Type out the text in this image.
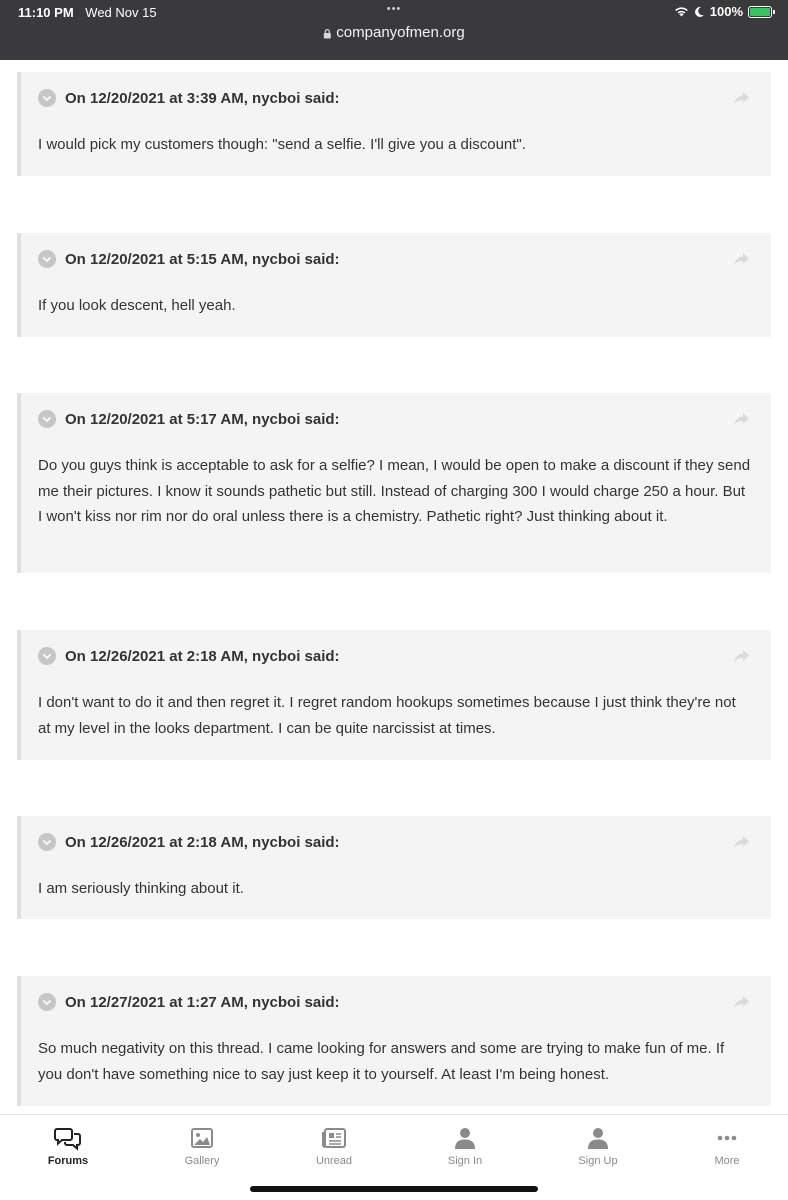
11:10 PM Wed Nov 15	•••
companyofmen.org
100%
On 12/20/2021 at 3:39 AM, nycboi said:
I would pick my customers though: "send a selfie. I'll give you a discount".
On 12/20/2021 at 5:15 AM, nycboi said:
If you look descent, hell yeah.
On 12/20/2021 at 5:17 AM, nycboi said:
Do you guys think is acceptable to ask for a selfie? I mean, I would be open to make a discount if they send me their pictures. I know it sounds pathetic but still. Instead of charging 300 I would charge 250 a hour. But I won't kiss nor rim nor do oral unless there is a chemistry. Pathetic right? Just thinking about it.
On 12/26/2021 at 2:18 AM, nycboi said:
I don't want to do it and then regret it. I regret random hookups sometimes because I just think they're not at my level in the looks department. I can be quite narcissist at times.
On 12/26/2021 at 2:18 AM, nycboi said:
I am seriously thinking about it.
On 12/27/2021 at 1:27 AM, nycboi said:
So much negativity on this thread. I came looking for answers and some are trying to make fun of me. If you don't have something nice to say just keep it to yourself. At least I'm being honest.
Forums	Gallery	Unread	Sign In	Sign Up	More
